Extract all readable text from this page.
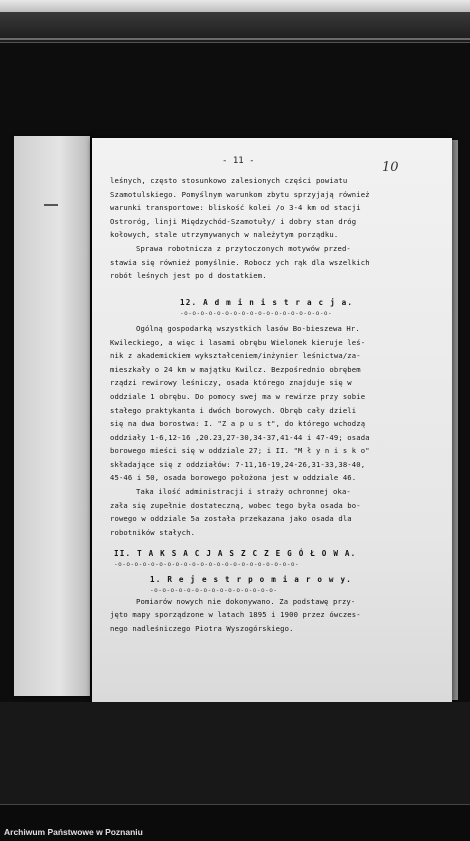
- 11 -	10
leśnych, często stosunkowo zalesionych części powiatu
Szamotulskiego. Pomyślnym warunkom zbytu sprzyjają również
warunki transportowe: bliskość kolei /o 3-4 km od stacji
Ostroróg, linji Międzychód-Szamotuły/ i dobry stan dróg
kołowych, stale utrzymywanych w należytym porządku.
Sprawa robotnicza z przytoczonych motywów przed-
stawia się również pomyślnie. Robocz ych rąk dla wszelkich
robót leśnych jest po d dostatkiem.
12. A d m i n i s t r a c j a.
-o-o-o-o-o-o-o-o-o-o-o-o-o-o-o-o-o-o-
Ogólną gospodarką wszystkich lasów Bo-bieszewa Hr.
Kwileckiego, a więc i lasami obrębu Wielonek kieruje leś-
nik z akademickiem wykształceniem/inżynier leśnictwa/za-
mieszkały o 24 km w majątku Kwilcz. Bezpośrednio obrębem
rządzi rewirowy leśniczy, osada którego znajduje się w
oddziale 1 obrębu. Do pomocy swej ma w rewirze przy sobie
stałego praktykanta i dwóch borowych. Obręb cały dzieli
się na dwa borostwa: I. "Z a p u s t", do którego wchodzą
oddziały 1-6,12-16 ,20.23,27-30,34-37,41-44 i 47-49; osada
borowego mieści się w oddziale 27; i II. "M ł y n i s k o"
składające się z oddziałów: 7-11,16-19,24-26,31-33,38-40,
45-46 i 50, osada borowego położona jest w oddziale 46.
Taka ilość administracji i straży ochronnej oka-
zała się zupełnie dostateczną, wobec tego była osada bo-
rowego w oddziale 5a została przekazana jako osada dla
robotników stałych.
II. T A K S A C J A S Z C Z E G Ó Ł O W A.
-o-o-o-o-o-o-o-o-o-o-o-o-o-o-o-o-o-o-o-o-o-o-
1. R e j e s t r p o m i a r o w y.
-o-o-o-o-o-o-o-o-o-o-o-o-o-o-o-
Pomiarów nowych nie dokonywano. Za podstawę przy-
jęto mapy sporządzone w latach 1895 i 1900 przez ówczes-
nego nadleśniczego Piotra Wyszogórskiego.
Archiwum Państwowe w Poznaniu
